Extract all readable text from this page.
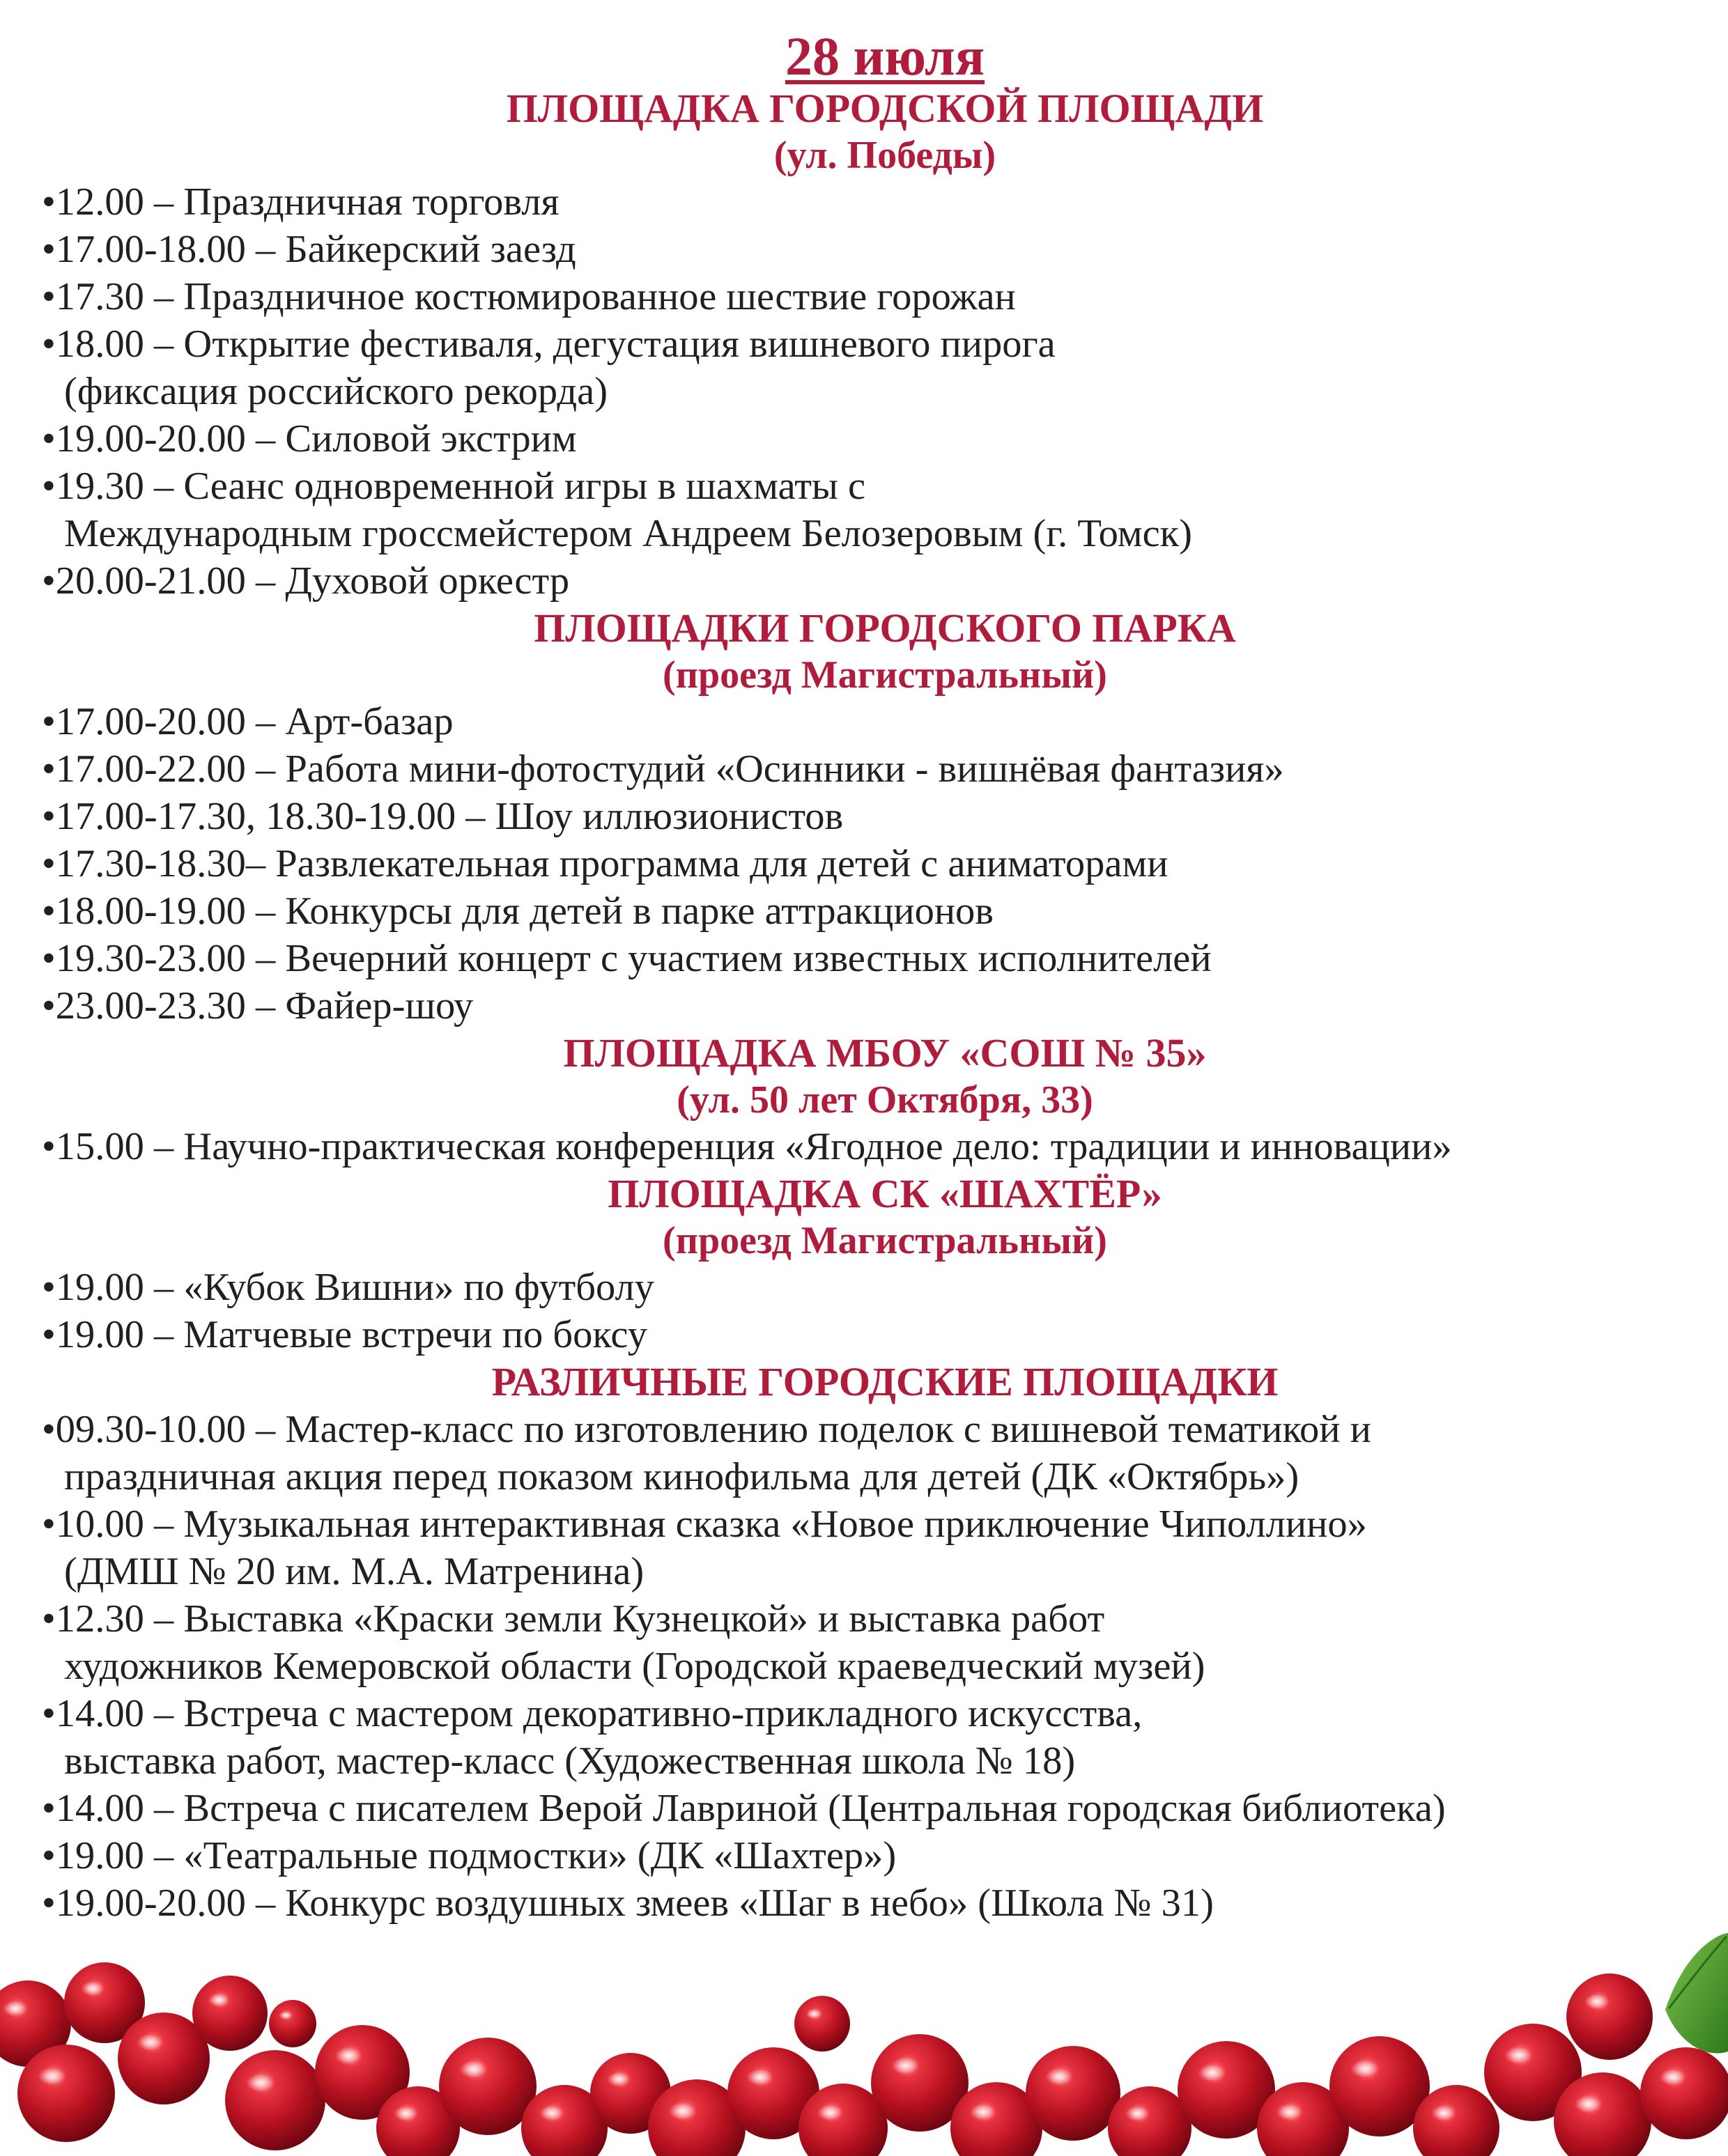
28 июля
ПЛОЩАДКА ГОРОДСКОЙ ПЛОЩАДИ
(ул. Победы)
•12.00 – Праздничная торговля
•17.00-18.00 – Байкерский заезд
•17.30 – Праздничное костюмированное шествие горожан
•18.00 – Открытие фестиваля, дегустация вишневого пирога
(фиксация российского рекорда)
•19.00-20.00 – Силовой экстрим
•19.30 – Сеанс одновременной игры в шахматы с
Международным гроссмейстером Андреем Белозеровым (г. Томск)
•20.00-21.00 – Духовой оркестр
ПЛОЩАДКИ ГОРОДСКОГО ПАРКА
(проезд Магистральный)
•17.00-20.00 – Арт-базар
•17.00-22.00 – Работа мини-фотостудий «Осинники - вишнёвая фантазия»
•17.00-17.30, 18.30-19.00 – Шоу иллюзионистов
•17.30-18.30– Развлекательная программа для детей с аниматорами
•18.00-19.00 – Конкурсы для детей в парке аттракционов
•19.30-23.00 – Вечерний концерт с участием известных исполнителей
•23.00-23.30 – Файер-шоу
ПЛОЩАДКА МБОУ «СОШ № 35»
(ул. 50 лет Октября, 33)
•15.00 – Научно-практическая конференция «Ягодное дело: традиции и инновации»
ПЛОЩАДКА СК «ШАХТЁР»
(проезд Магистральный)
•19.00 – «Кубок Вишни» по футболу
•19.00 – Матчевые встречи по боксу
РАЗЛИЧНЫЕ ГОРОДСКИЕ ПЛОЩАДКИ
•09.30-10.00 – Мастер-класс по изготовлению поделок с вишневой тематикой и
праздничная акция перед показом кинофильма для детей (ДК «Октябрь»)
•10.00 – Музыкальная интерактивная сказка «Новое приключение Чиполлино»
(ДМШ № 20 им. М.А. Матренина)
•12.30 – Выставка «Краски земли Кузнецкой» и выставка работ
художников Кемеровской области (Городской краеведческий музей)
•14.00 – Встреча с мастером декоративно-прикладного искусства,
выставка работ, мастер-класс (Художественная школа № 18)
•14.00 – Встреча с писателем Верой Лавриной (Центральная городская библиотека)
•19.00 – «Театральные подмостки» (ДК «Шахтер»)
•19.00-20.00 – Конкурс воздушных змеев «Шаг в небо» (Школа № 31)
